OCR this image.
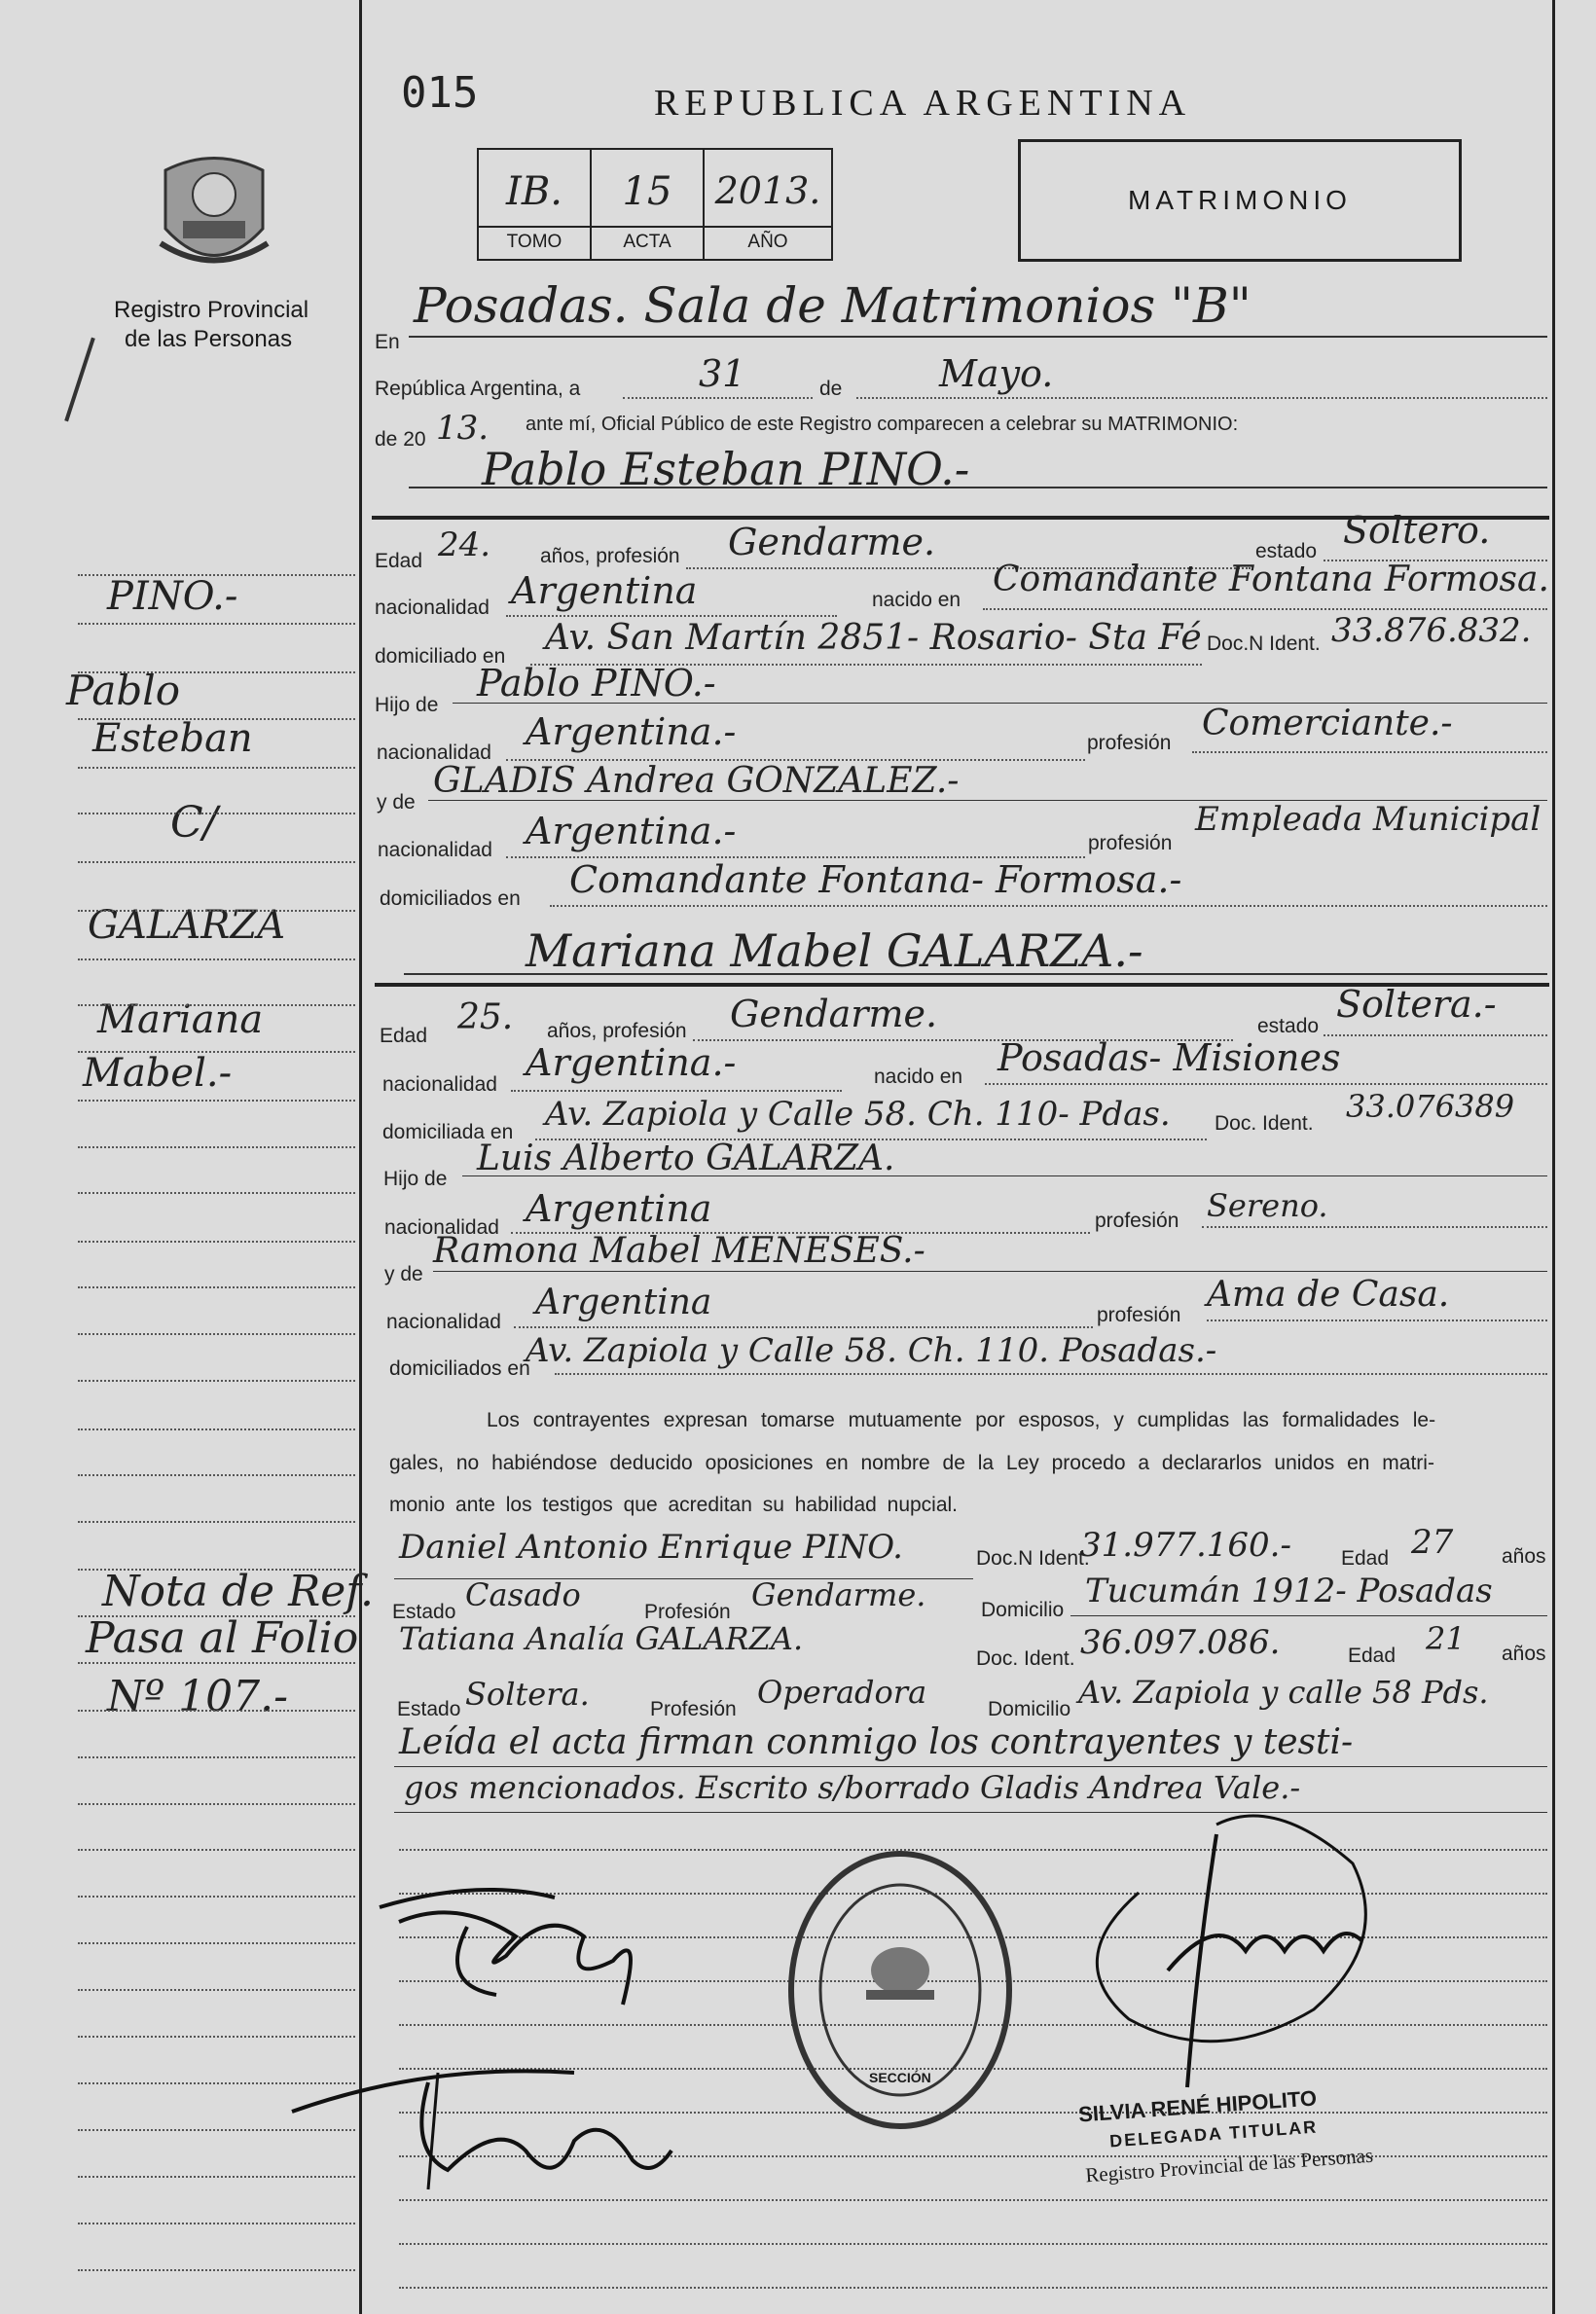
015	REPUBLICA ARGENTINA
IB.
TOMO
15
ACTA
2013.
AÑO
MATRIMONIO
Registro Provincial
de las Personas	En
Posadas. Sala de Matrimonios "B"
República Argentina, a	31	de	Mayo.
de 20 13. ante mí, Oficial Público de este Registro comparecen a celebrar su MATRIMONIO:
Pablo Esteban PINO.-
Edad 24. años, profesión Gendarme.	estado Soltero.
nacionalidad Argentina	nacido en
Comandante Fontana Formosa.
domiciliado en Av. San Martín 2851- Rosario- Sta Fé Doc.N Ident. 33.876.832.
Hijo de
Pablo PINO.-
nacionalidad Argentina.-	profesión Comerciante.-
y de
GLADIS Andrea GONZALEZ.-
nacionalidad Argentina.-	profesión
Empleada Municipal
domiciliados en Comandante Fontana- Formosa.-
Mariana Mabel GALARZA.-
Edad 25. años, profesión Gendarme.	estado
Soltera.-
nacionalidad
Argentina.-	nacido en Posadas- Misiones
domiciliada en Av. Zapiola y Calle 58. Ch. 110- Pdas. Doc. Ident. 33.076389
Hijo de
Luis Alberto GALARZA.
nacionalidad Argentina	profesión Sereno.
y de
Ramona Mabel MENESES.-
nacionalidad Argentina	profesión
Ama de Casa.
domiciliados en
Av. Zapiola y Calle 58. Ch. 110. Posadas.-
Los contrayentes expresan tomarse mutuamente por esposos, y cumplidas las formalidades le-
gales, no habiéndose deducido oposiciones en nombre de la Ley procedo a declararlos unidos en matri-
monio ante los testigos que acreditan su habilidad nupcial.
Daniel Antonio Enrique PINO.	Doc.N Ident.
31.977.160.- Edad 27 años
Estado Casado	Profesión Gendarme.	Domicilio Tucumán 1912- Posadas
Tatiana Analía GALARZA.
Doc. Ident. 36.097.086.	Edad 21 años
Estado Soltera.	Profesión Operadora	Domicilio Av. Zapiola y calle 58 Pds.
Leída el acta firman conmigo los contrayentes y testi-
gos mencionados. Escrito s/borrado Gladis Andrea Vale.-
SECCIÓN
SILVIA RENÉ HIPOLITO
DELEGADA TITULAR
Registro Provincial de las Personas
PINO.-
Pablo
Esteban
C/
GALARZA
Mariana
Mabel.-
Nota de Ref.
Pasa al Folio
Nº 107.-
